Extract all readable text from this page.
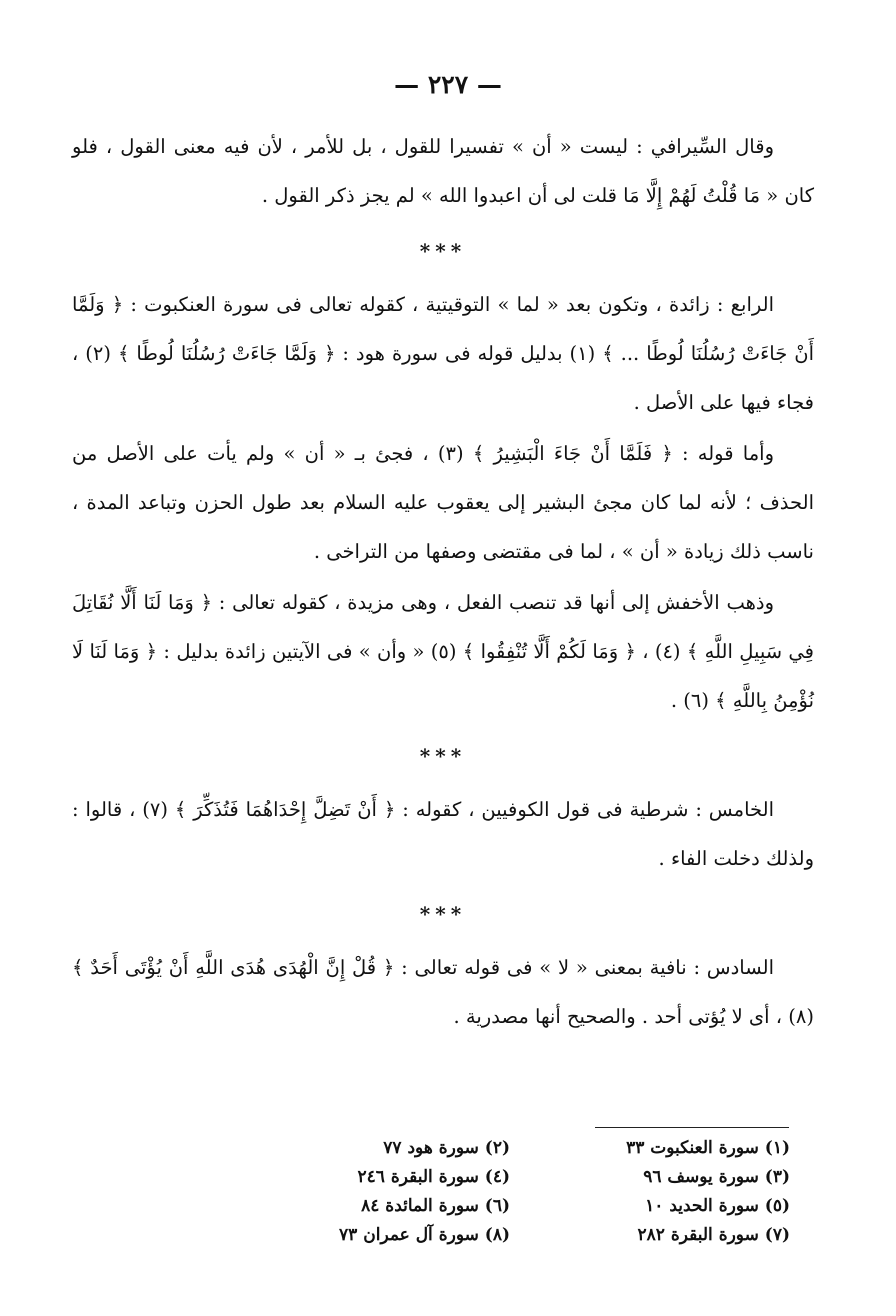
— ٢٢٧ —

وقال السِّيرافي : ليست « أن » تفسيرا للقول ، بل للأمر ، لأن فيه معنى القول ، فلو كان « مَا قُلْتُ لَهُمْ إِلَّا مَا قلت لى أن اعبدوا الله » لم يجز ذكر القول .

***

الرابع : زائدة ، وتكون بعد « لما » التوقيتية ، كقوله تعالى فى سورة العنكبوت : ﴿ وَلَمَّا أَنْ جَاءَتْ رُسُلُنَا لُوطًا ... ﴾ (١) بدليل قوله فى سورة هود : ﴿ وَلَمَّا جَاءَتْ رُسُلُنَا لُوطًا ﴾ (٢) ، فجاء فيها على الأصل .

وأما قوله : ﴿ فَلَمَّا أَنْ جَاءَ الْبَشِيرُ ﴾ (٣) ، فجئ بـ « أن » ولم يأت على الأصل من الحذف ؛ لأنه لما كان مجئ البشير إلى يعقوب عليه السلام بعد طول الحزن وتباعد المدة ، ناسب ذلك زيادة « أن » ، لما فى مقتضى وصفها من التراخى .

وذهب الأخفش إلى أنها قد تنصب الفعل ، وهى مزيدة ، كقوله تعالى : ﴿ وَمَا لَنَا أَلَّا نُقَاتِلَ فِي سَبِيلِ اللَّهِ ﴾ (٤) ، ﴿ وَمَا لَكُمْ أَلَّا تُنْفِقُوا ﴾ (٥) « وأن » فى الآيتين زائدة بدليل : ﴿ وَمَا لَنَا لَا نُؤْمِنُ بِاللَّهِ ﴾ (٦) .

***

الخامس : شرطية فى قول الكوفيين ، كقوله : ﴿ أَنْ تَضِلَّ إِحْدَاهُمَا فَتُذَكِّرَ ﴾ (٧) ، قالوا : ولذلك دخلت الفاء .

***

السادس : نافية بمعنى « لا » فى قوله تعالى : ﴿ قُلْ إِنَّ الْهُدَى هُدَى اللَّهِ أَنْ يُؤْتَى أَحَدٌ ﴾ (٨) ، أى لا يُؤتى أحد . والصحيح أنها مصدرية .

(١) سورة العنكبوت ٣٣
(٢) سورة هود ٧٧
(٣) سورة يوسف ٩٦
(٤) سورة البقرة ٢٤٦
(٥) سورة الحديد ١٠
(٦) سورة المائدة ٨٤
(٧) سورة البقرة ٢٨٢
(٨) سورة آل عمران ٧٣
